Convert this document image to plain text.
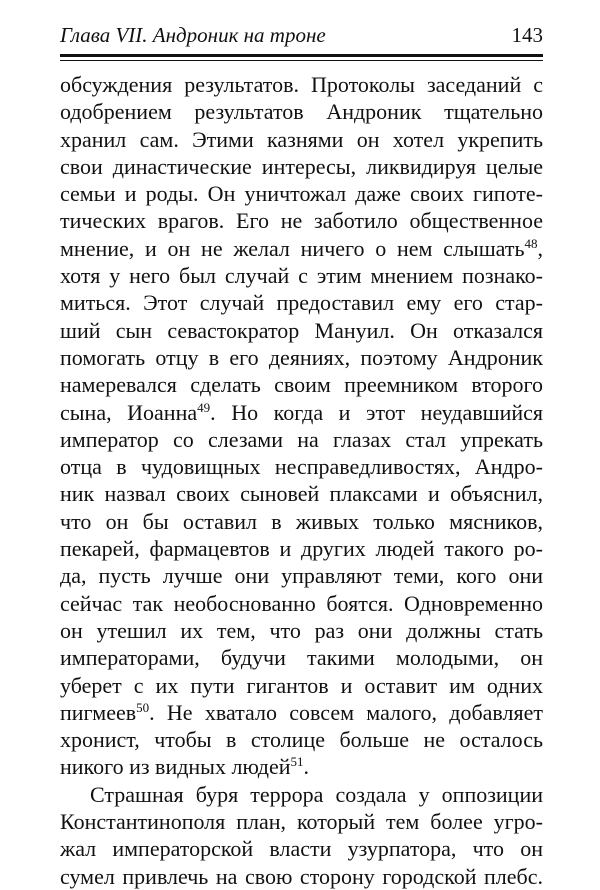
Глава VII. Андроник на троне	143
обсуждения результатов. Протоколы заседаний с
одобрением результатов Андроник тщательно
хранил сам. Этими казнями он хотел укрепить
свои династические интересы, ликвидируя целые
семьи и роды. Он уничтожал даже своих гипоте-
тических врагов. Его не заботило общественное
мнение, и он не желал ничего о нем слышать$^{48}$,
хотя у него был случай с этим мнением познако-
миться. Этот случай предоставил ему его стар-
ший сын севастократор Мануил. Он отказался
помогать отцу в его деяниях, поэтому Андроник
намеревался сделать своим преемником второго
сына, Иоанна$^{49}$. Но когда и этот неудавшийся
император со слезами на глазах стал упрекать
отца в чудовищных несправедливостях, Андро-
ник назвал своих сыновей плаксами и объяснил,
что он бы оставил в живых только мясников,
пекарей, фармацевтов и других людей такого ро-
да, пусть лучше они управляют теми, кого они
сейчас так необоснованно боятся. Одновременно
он утешил их тем, что раз они должны стать
императорами, будучи такими молодыми, он
уберет с их пути гигантов и оставит им одних
пигмеев$^{50}$. Не хватало совсем малого, добавляет
хронист, чтобы в столице больше не осталось
никого из видных людей$^{51}$.
Страшная буря террора создала у оппозиции
Константинополя план, который тем более угро-
жал императорской власти узурпатора, что он
сумел привлечь на свою сторону городской плебс.
